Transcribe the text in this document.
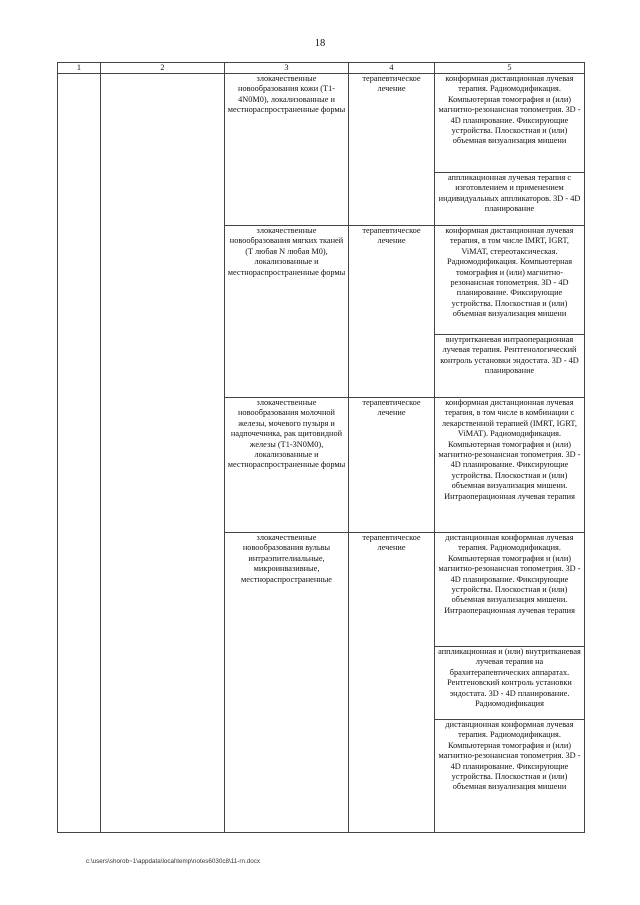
18
1	2	3	4	5
		злокачественные новообразования кожи (T1-4N0M0), локализованные и местнораспространенные формы	терапевтическое лечение	конформная дистанционная лучевая терапия. Радиомодификация. Компьютерная томография и (или) магнитно-резонансная топометрия. 3D - 4D планирование. Фиксирующие устройства. Плоскостная и (или) объемная визуализация мишени
				аппликационная лучевая терапия с изготовлением и применением индивидуальных аппликаторов. 3D - 4D планирование
		злокачественные новообразования мягких тканей (T любая N любая M0), локализованные и местнораспространенные формы	терапевтическое лечение	конформная дистанционная лучевая терапия, в том числе IMRT, IGRT, ViMAT, стереотаксическая. Радиомодификация. Компьютерная томография и (или) магнитно-резонансная топометрия. 3D - 4D планирование. Фиксирующие устройства. Плоскостная и (или) объемная визуализация мишени
				внутритканевая интраоперационная лучевая терапия. Рентгенологический контроль установки эндостата. 3D - 4D планирование
		злокачественные новообразования молочной железы, мочевого пузыря и надпочечника, рак щитовидной железы (T1-3N0M0), локализованные и местнораспространенные формы	терапевтическое лечение	конформная дистанционная лучевая терапия, в том числе в комбинации с лекарственной терапией (IMRT, IGRT, ViMAT). Радиомодификация. Компьютерная томография и (или) магнитно-резонансная топометрия. 3D - 4D планирование. Фиксирующие устройства. Плоскостная и (или) объемная визуализация мишени. Интраоперационная лучевая терапия
		злокачественные новообразования вульвы интраэпителиальные, микроинвазивные, местнораспространенные	терапевтическое лечение	дистанционная конформная лучевая терапия. Радиомодификация. Компьютерная томография и (или) магнитно-резонансная топометрия. 3D - 4D планирование. Фиксирующие устройства. Плоскостная и (или) объемная визуализация мишени. Интраоперационная лучевая терапия
				аппликационная и (или) внутритканевая лучевая терапия на брахитерапевтических аппаратах. Рентгеновский контроль установки эндостата. 3D - 4D планирование. Радиомодификация
				дистанционная конформная лучевая терапия. Радиомодификация. Компьютерная томография и (или) магнитно-резонансная топометрия. 3D - 4D планирование. Фиксирующие устройства. Плоскостная и (или) объемная визуализация мишени
c:\users\shorob~1\appdata\local\temp\notes6030c8\11-rn.docx
